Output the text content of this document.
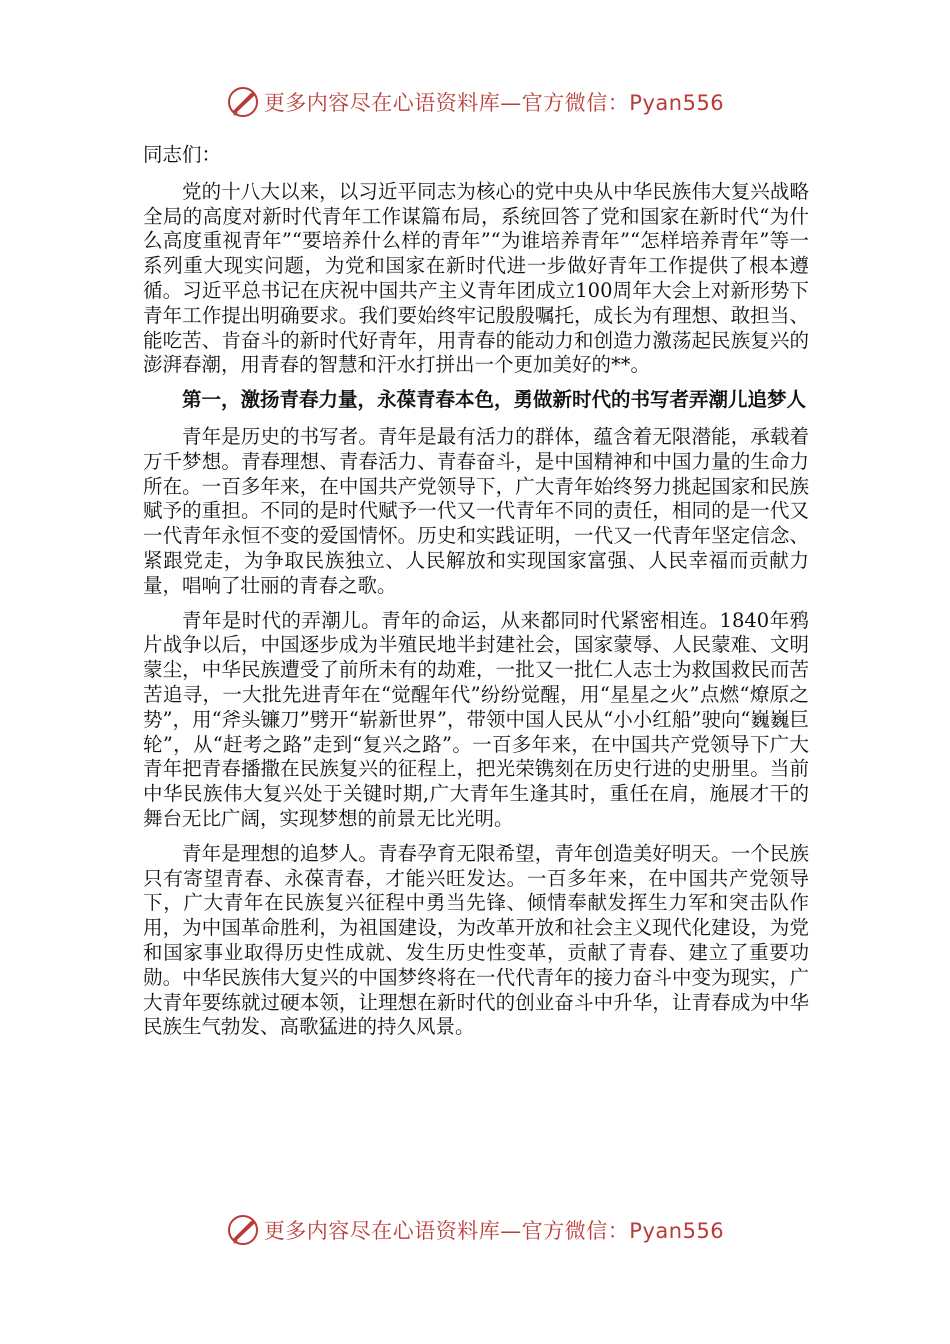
更多内容尽在心语资料库—官方微信：Pyan556

同志们：

党的十八大以来，以习近平同志为核心的党中央从中华民族伟大复兴战略全局的高度对新时代青年工作谋篇布局，系统回答了党和国家在新时代“为什么高度重视青年”“要培养什么样的青年”“为谁培养青年”“怎样培养青年”等一系列重大现实问题，为党和国家在新时代进一步做好青年工作提供了根本遵循。习近平总书记在庆祝中国共产主义青年团成立100周年大会上对新形势下青年工作提出明确要求。我们要始终牢记殷殷嘱托，成长为有理想、敢担当、能吃苦、肯奋斗的新时代好青年，用青春的能动力和创造力激荡起民族复兴的澎湃春潮，用青春的智慧和汗水打拼出一个更加美好的**。

第一，激扬青春力量，永葆青春本色，勇做新时代的书写者弄潮儿追梦人

青年是历史的书写者。青年是最有活力的群体，蕴含着无限潜能，承载着万千梦想。青春理想、青春活力、青春奋斗，是中国精神和中国力量的生命力所在。一百多年来，在中国共产党领导下，广大青年始终努力挑起国家和民族赋予的重担。不同的是时代赋予一代又一代青年不同的责任，相同的是一代又一代青年永恒不变的爱国情怀。历史和实践证明，一代又一代青年坚定信念、紧跟党走，为争取民族独立、人民解放和实现国家富强、人民幸福而贡献力量，唱响了壮丽的青春之歌。

青年是时代的弄潮儿。青年的命运，从来都同时代紧密相连。1840年鸦片战争以后，中国逐步成为半殖民地半封建社会，国家蒙辱、人民蒙难、文明蒙尘，中华民族遭受了前所未有的劫难，一批又一批仁人志士为救国救民而苦苦追寻，一大批先进青年在“觉醒年代”纷纷觉醒，用“星星之火”点燃“燎原之势”，用“斧头镰刀”劈开“崭新世界”，带领中国人民从“小小红船”驶向“巍巍巨轮”，从“赶考之路”走到“复兴之路”。一百多年来，在中国共产党领导下广大青年把青春播撒在民族复兴的征程上，把光荣镌刻在历史行进的史册里。当前中华民族伟大复兴处于关键时期,广大青年生逢其时，重任在肩，施展才干的舞台无比广阔，实现梦想的前景无比光明。

青年是理想的追梦人。青春孕育无限希望，青年创造美好明天。一个民族只有寄望青春、永葆青春，才能兴旺发达。一百多年来，在中国共产党领导下，广大青年在民族复兴征程中勇当先锋、倾情奉献发挥生力军和突击队作用，为中国革命胜利，为祖国建设，为改革开放和社会主义现代化建设，为党和国家事业取得历史性成就、发生历史性变革，贡献了青春、建立了重要功勋。中华民族伟大复兴的中国梦终将在一代代青年的接力奋斗中变为现实，广大青年要练就过硬本领，让理想在新时代的创业奋斗中升华，让青春成为中华民族生气勃发、高歌猛进的持久风景。

更多内容尽在心语资料库—官方微信：Pyan556
